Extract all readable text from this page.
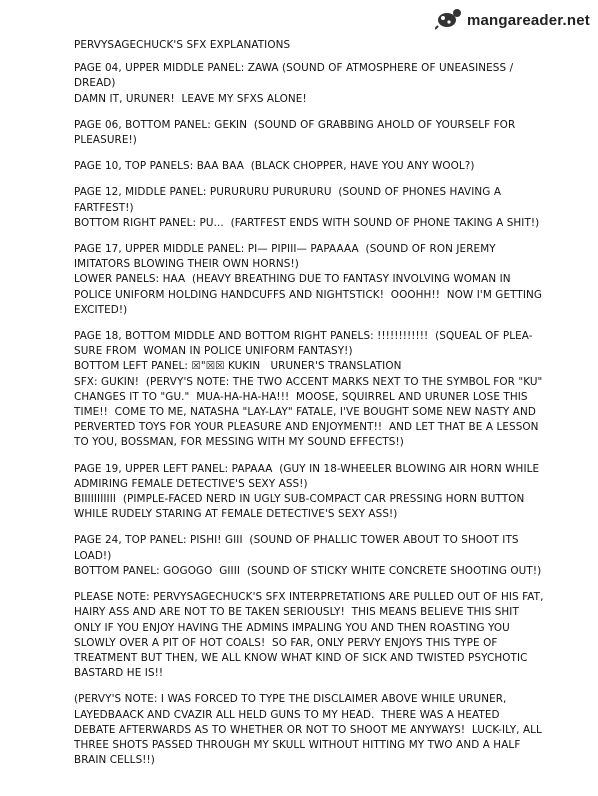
mangareader.net
PERVYSAGECHUCK'S SFX EXPLANATIONS
PAGE 04, UPPER MIDDLE PANEL: ZAWA (SOUND OF ATMOSPHERE OF UNEASINESS / DREAD)
DAMN IT, URUNER!  LEAVE MY SFXS ALONE!
PAGE 06, BOTTOM PANEL: GEKIN  (SOUND OF GRABBING AHOLD OF YOURSELF FOR PLEASURE!)
PAGE 10, TOP PANELS: BAA BAA  (BLACK CHOPPER, HAVE YOU ANY WOOL?)
PAGE 12, MIDDLE PANEL: PURURURU PURURURU  (SOUND OF PHONES HAVING A FARTFEST!)
BOTTOM RIGHT PANEL: PU...  (FARTFEST ENDS WITH SOUND OF PHONE TAKING A SHIT!)
PAGE 17, UPPER MIDDLE PANEL: PI— PIPIII— PAPAAAA  (SOUND OF RON JEREMY IMITATORS BLOWING THEIR OWN HORNS!)
LOWER PANELS: HAA  (HEAVY BREATHING DUE TO FANTASY INVOLVING WOMAN IN POLICE UNIFORM HOLDING HANDCUFFS AND NIGHTSTICK!  OOOHH!!  NOW I'M GETTING EXCITED!)
PAGE 18, BOTTOM MIDDLE AND BOTTOM RIGHT PANELS: !!!!!!!!!!!!  (SQUEAL OF PLEA-SURE FROM  WOMAN IN POLICE UNIFORM FANTASY!)
BOTTOM LEFT PANEL: ☒"☒☒ KUKIN   URUNER'S TRANSLATION
SFX: GUKIN!  (PERVY'S NOTE: THE TWO ACCENT MARKS NEXT TO THE SYMBOL FOR "KU" CHANGES IT TO "GU."  MUA-HA-HA-HA!!!  MOOSE, SQUIRREL AND URUNER LOSE THIS TIME!!  COME TO ME, NATASHA "LAY-LAY" FATALE, I'VE BOUGHT SOME NEW NASTY AND PERVERTED TOYS FOR YOUR PLEASURE AND ENJOYMENT!!  AND LET THAT BE A LESSON TO YOU, BOSSMAN, FOR MESSING WITH MY SOUND EFFECTS!)
PAGE 19, UPPER LEFT PANEL: PAPAAA  (GUY IN 18-WHEELER BLOWING AIR HORN WHILE ADMIRING FEMALE DETECTIVE'S SEXY ASS!)
BIIIIIIIIIII  (PIMPLE-FACED NERD IN UGLY SUB-COMPACT CAR PRESSING HORN BUTTON WHILE RUDELY STARING AT FEMALE DETECTIVE'S SEXY ASS!)
PAGE 24, TOP PANEL: PISHI! GIII  (SOUND OF PHALLIC TOWER ABOUT TO SHOOT ITS LOAD!)
BOTTOM PANEL: GOGOGO  GIIII  (SOUND OF STICKY WHITE CONCRETE SHOOTING OUT!)
PLEASE NOTE: PERVYSAGECHUCK'S SFX INTERPRETATIONS ARE PULLED OUT OF HIS FAT, HAIRY ASS AND ARE NOT TO BE TAKEN SERIOUSLY!  THIS MEANS BELIEVE THIS SHIT ONLY IF YOU ENJOY HAVING THE ADMINS IMPALING YOU AND THEN ROASTING YOU SLOWLY OVER A PIT OF HOT COALS!  SO FAR, ONLY PERVY ENJOYS THIS TYPE OF TREATMENT BUT THEN, WE ALL KNOW WHAT KIND OF SICK AND TWISTED PSYCHOTIC BASTARD HE IS!!
(PERVY'S NOTE: I WAS FORCED TO TYPE THE DISCLAIMER ABOVE WHILE URUNER, LAYEDBAACK AND CVAZIR ALL HELD GUNS TO MY HEAD.  THERE WAS A HEATED DEBATE AFTERWARDS AS TO WHETHER OR NOT TO SHOOT ME ANYWAYS!  LUCK-ILY, ALL THREE SHOTS PASSED THROUGH MY SKULL WITHOUT HITTING MY TWO AND A HALF BRAIN CELLS!!)
